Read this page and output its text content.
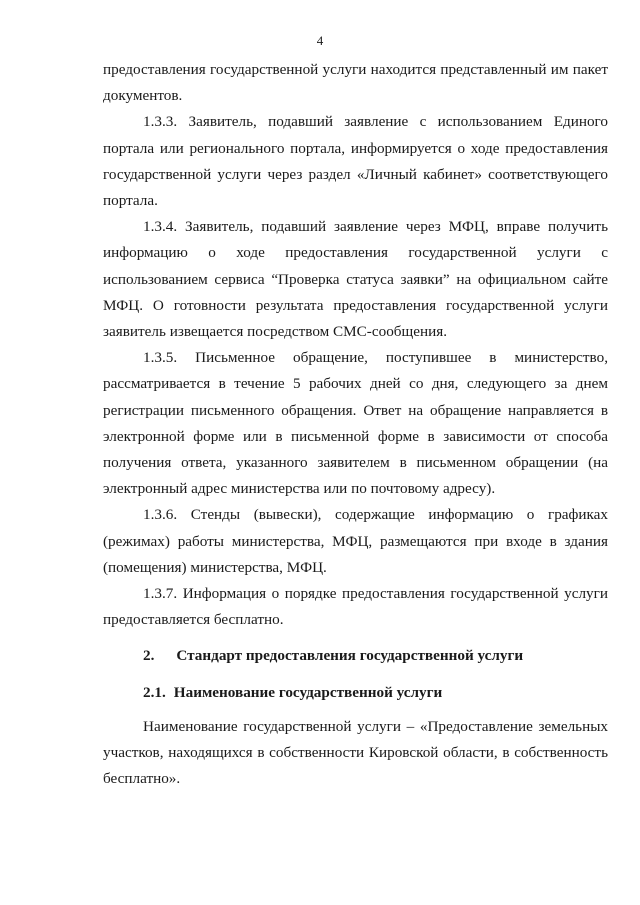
4

предоставления государственной услуги находится представленный им пакет документов.

1.3.3. Заявитель, подавший заявление с использованием Единого портала или регионального портала, информируется о ходе предоставления государственной услуги через раздел «Личный кабинет» соответствующего портала.

1.3.4. Заявитель, подавший заявление через МФЦ, вправе получить информацию о ходе предоставления государственной услуги с использованием сервиса “Проверка статуса заявки” на официальном сайте МФЦ. О готовности результата предоставления государственной услуги заявитель извещается посредством СМС-сообщения.

1.3.5. Письменное обращение, поступившее в министерство, рассматривается в течение 5 рабочих дней со дня, следующего за днем регистрации письменного обращения. Ответ на обращение направляется в электронной форме или в письменной форме в зависимости от способа получения ответа, указанного заявителем в письменном обращении (на электронный адрес министерства или по почтовому адресу).

1.3.6. Стенды (вывески), содержащие информацию о графиках (режимах) работы министерства, МФЦ, размещаются при входе в здания (помещения) министерства, МФЦ.

1.3.7. Информация о порядке предоставления государственной услуги предоставляется бесплатно.

2. Стандарт предоставления государственной услуги

2.1. Наименование государственной услуги

Наименование государственной услуги – «Предоставление земельных участков, находящихся в собственности Кировской области, в собственность бесплатно».
